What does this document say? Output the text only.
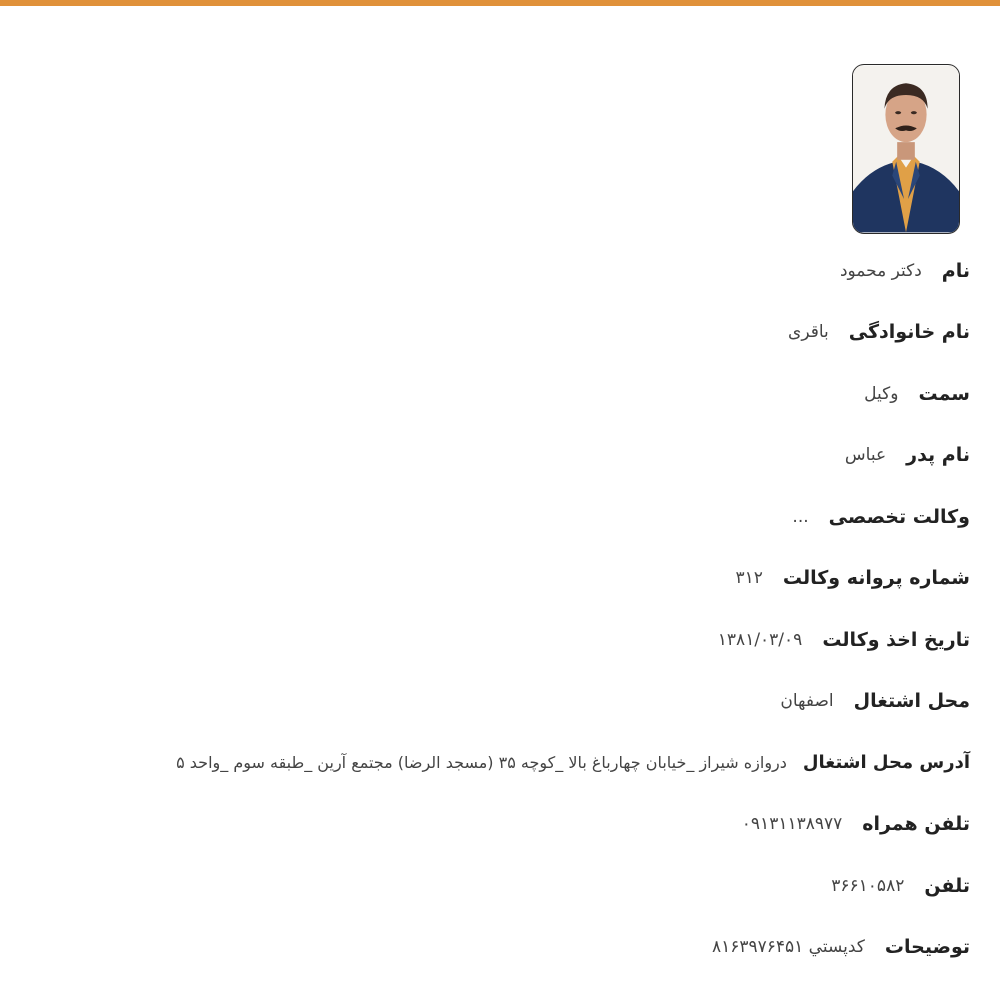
نام
دکتر محمود
نام خانوادگی
باقری
سمت
وکیل
نام پدر
عباس
وکالت تخصصی
...
شماره پروانه وکالت
۳۱۲
تاریخ اخذ وکالت
۱۳۸۱/۰۳/۰۹
محل اشتغال
اصفهان
آدرس محل اشتغال
دروازه شیراز _خیابان چهارباغ بالا _کوچه ۳۵ (مسجد الرضا) مجتمع آرین _طبقه سوم _واحد ۵
تلفن همراه
۰۹۱۳۱۱۳۸۹۷۷
تلفن
۳۶۶۱۰۵۸۲
توضیحات
کدپستي ۸۱۶۳۹۷۶۴۵۱
